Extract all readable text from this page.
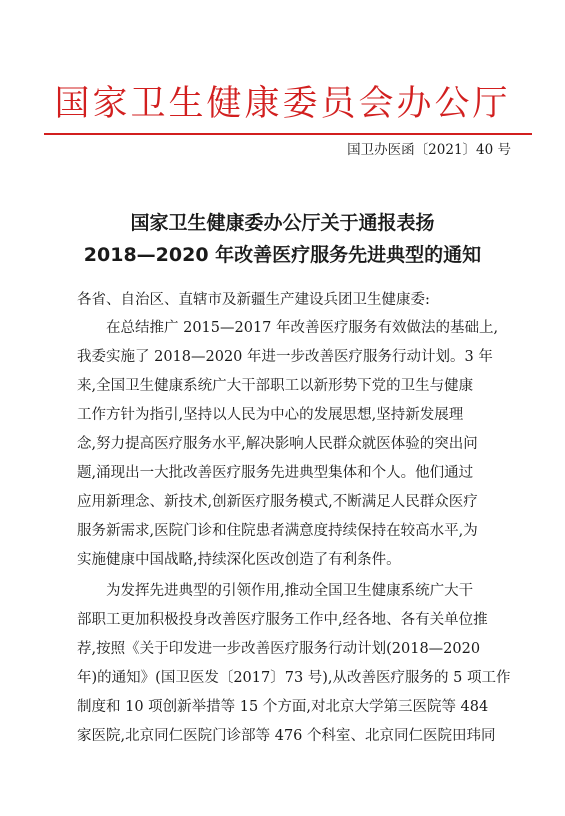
国家卫生健康委员会办公厅
国卫办医函〔2021〕40 号
国家卫生健康委办公厅关于通报表扬
2018—2020 年改善医疗服务先进典型的通知
各省、自治区、直辖市及新疆生产建设兵团卫生健康委:
在总结推广 2015—2017 年改善医疗服务有效做法的基础上,
我委实施了 2018—2020 年进一步改善医疗服务行动计划。3 年
来,全国卫生健康系统广大干部职工以新形势下党的卫生与健康
工作方针为指引,坚持以人民为中心的发展思想,坚持新发展理
念,努力提高医疗服务水平,解决影响人民群众就医体验的突出问
题,涌现出一大批改善医疗服务先进典型集体和个人。他们通过
应用新理念、新技术,创新医疗服务模式,不断满足人民群众医疗
服务新需求,医院门诊和住院患者满意度持续保持在较高水平,为
实施健康中国战略,持续深化医改创造了有利条件。
为发挥先进典型的引领作用,推动全国卫生健康系统广大干
部职工更加积极投身改善医疗服务工作中,经各地、各有关单位推
荐,按照《关于印发进一步改善医疗服务行动计划(2018—2020
年)的通知》(国卫医发〔2017〕73 号),从改善医疗服务的 5 项工作
制度和 10 项创新举措等 15 个方面,对北京大学第三医院等 484
家医院,北京同仁医院门诊部等 476 个科室、北京同仁医院田玮同
